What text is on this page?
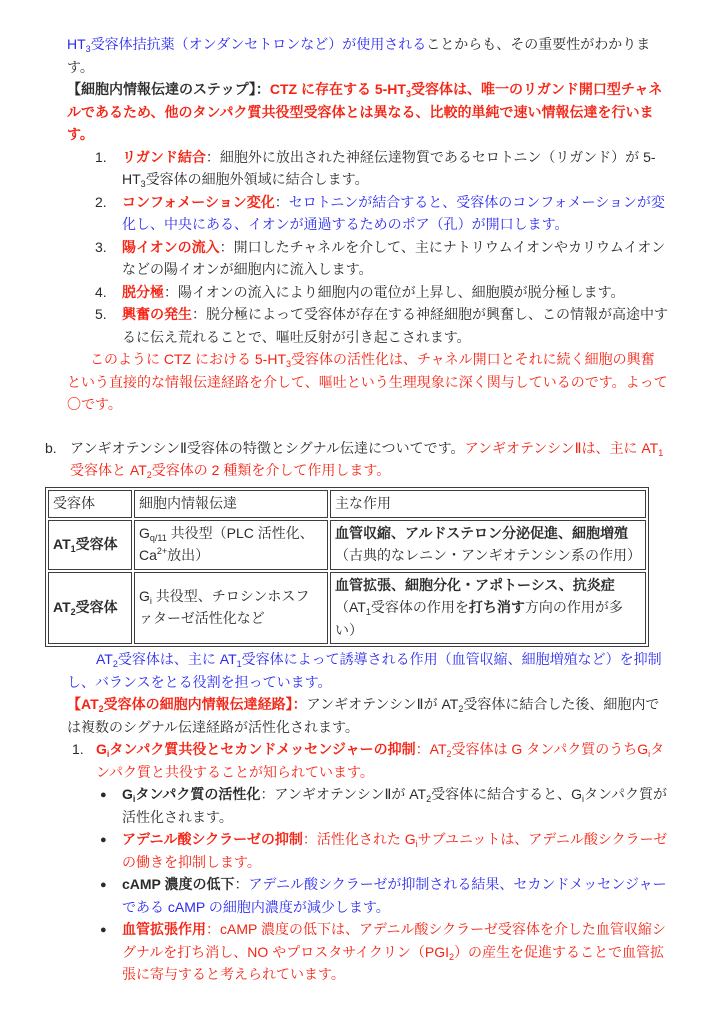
$HT_3$受容体拮抗薬（オンダンセトロンなど）が使用されることからも、その重要性がわかります。

【細胞内情報伝達のステップ】：CTZ に存在する $5-HT_3$受容体は、唯一のリガンド開口型チャネルであるため、他のタンパク質共役型受容体とは異なる、比較的単純で速い情報伝達を行います。

1.	リガンド結合：細胞外に放出された神経伝達物質であるセロトニン（リガンド）が $5-HT_3$受容体の細胞外領域に結合します。
2.	コンフォメーション変化：セロトニンが結合すると、受容体のコンフォメーションが変化し、中央にある、イオンが通過するためのポア（孔）が開口します。
3.	陽イオンの流入：開口したチャネルを介して、主にナトリウムイオンやカリウムイオンなどの陽イオンが細胞内に流入します。
4.	脱分極：陽イオンの流入により細胞内の電位が上昇し、細胞膜が脱分極します。
5.	興奮の発生：脱分極によって受容体が存在する神経細胞が興奮し、この情報が高途中するに伝え荒れることで、嘔吐反射が引き起こされます。

このように CTZ における $5-HT_3$受容体の活性化は、チャネル開口とそれに続く細胞の興奮という直接的な情報伝達経路を介して、嘔吐という生理現象に深く関与しているのです。よって〇です。

b. アンギオテンシンⅡ受容体の特徴とシグナル伝達についてです。アンギオテンシンⅡは、主に $AT_1$受容体と $AT_2$受容体の 2 種類を介して作用します。
受容体	細胞内情報伝達	主な作用
$AT_1$受容体	$G_{q/11}$ 共役型（PLC 活性化、$Ca^{2+}$放出）	血管収縮、アルドステロン分泌促進、細胞増殖（古典的なレニン・アンギオテンシン系の作用）
$AT_2$受容体	$G_i$ 共役型、チロシンホスファターゼ活性化など	血管拡張、細胞分化・アポトーシス、抗炎症（$AT_1$受容体の作用を打ち消す方向の作用が多い）

$AT_2$受容体は、主に $AT_1$受容体によって誘導される作用（血管収縮、細胞増殖など）を抑制し、バランスをとる役割を担っています。

【$AT_2$受容体の細胞内情報伝達経路】：アンギオテンシンⅡが $AT_2$受容体に結合した後、細胞内では複数のシグナル伝達経路が活性化されます。

1. $G_i$タンパク質共役とセカンドメッセンジャーの抑制：$AT_2$受容体は G タンパク質のうち$G_i$タンパク質と共役することが知られています。
●	$G_i$タンパク質の活性化：アンギオテンシンⅡが $AT_2$受容体に結合すると、$G_i$タンパク質が活性化されます。
●	アデニル酸シクラーゼの抑制：活性化された $G_i$サブユニットは、アデニル酸シクラーゼの働きを抑制します。
●	cAMP 濃度の低下：アデニル酸シクラーゼが抑制される結果、セカンドメッセンジャーである cAMP の細胞内濃度が減少します。
●	血管拡張作用：cAMP 濃度の低下は、アデニル酸シクラーゼ受容体を介した血管収縮シグナルを打ち消し、NO やプロスタサイクリン$(PGI_2)$の産生を促進することで血管拡張に寄与すると考えられています。
